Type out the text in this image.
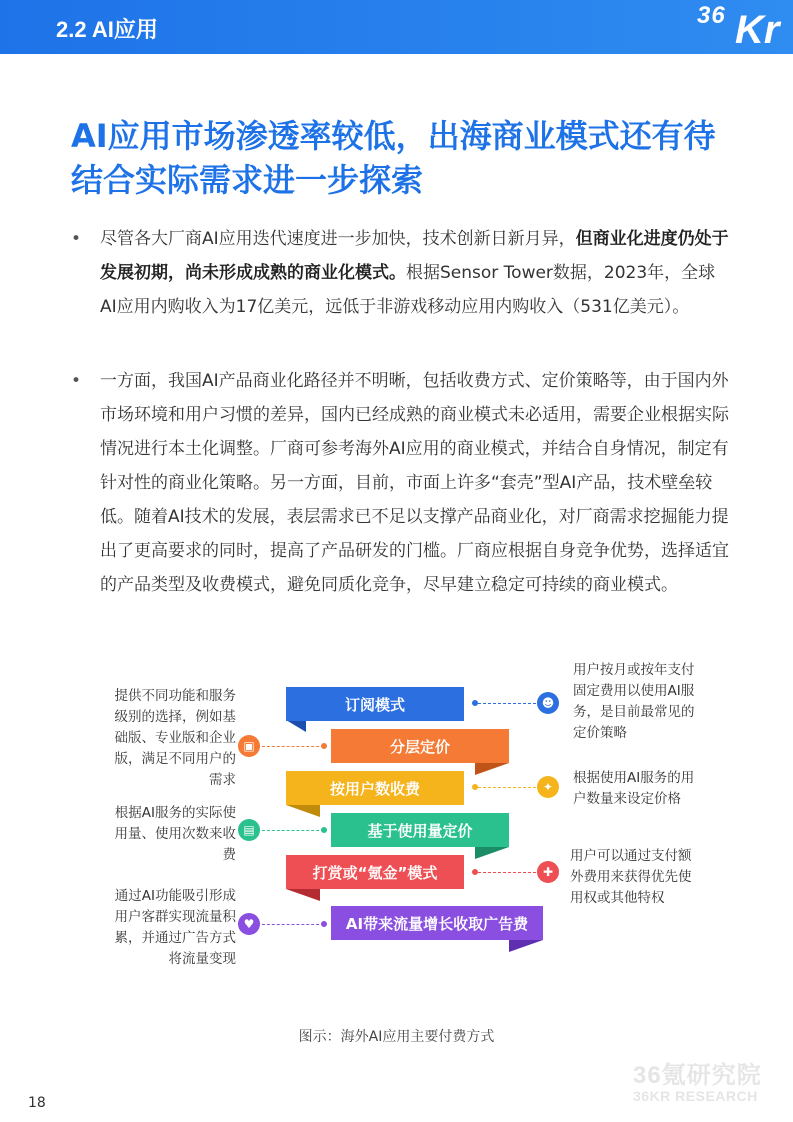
2.2 AI应用
36 Kr
AI应用市场渗透率较低，出海商业模式还有待
结合实际需求进一步探索
• 尽管各大厂商AI应用迭代速度进一步加快，技术创新日新月异，但商业化进度仍处于发展初期，尚未形成成熟的商业化模式。根据Sensor Tower数据，2023年，全球AI应用内购收入为17亿美元，远低于非游戏移动应用内购收入（531亿美元）。
• 一方面，我国AI产品商业化路径并不明晰，包括收费方式、定价策略等，由于国内外市场环境和用户习惯的差异，国内已经成熟的商业模式未必适用，需要企业根据实际情况进行本土化调整。厂商可参考海外AI应用的商业模式，并结合自身情况，制定有针对性的商业化策略。另一方面，目前，市面上许多“套壳”型AI产品，技术壁垒较低。随着AI技术的发展，表层需求已不足以支撑产品商业化，对厂商需求挖掘能力提出了更高要求的同时，提高了产品研发的门槛。厂商应根据自身竞争优势，选择适宜的产品类型及收费模式，避免同质化竞争，尽早建立稳定可持续的商业模式。
订阅模式
分层定价
按用户数收费
基于使用量定价
打赏或“氪金”模式
AI带来流量增长收取广告费
提供不同功能和服务
级别的选择，例如基
础版、专业版和企业
版，满足不同用户的
需求
▣
根据AI服务的实际使
用量、使用次数来收
费
▤
通过AI功能吸引形成
用户客群实现流量积
累，并通过广告方式
将流量变现
♥
☻
用户按月或按年支付
固定费用以使用AI服
务，是目前最常见的
定价策略
✦
根据使用AI服务的用
户数量来设定价格
✚
用户可以通过支付额
外费用来获得优先使
用权或其他特权
图示：海外AI应用主要付费方式
36氪研究院
36KR RESEARCH
18
